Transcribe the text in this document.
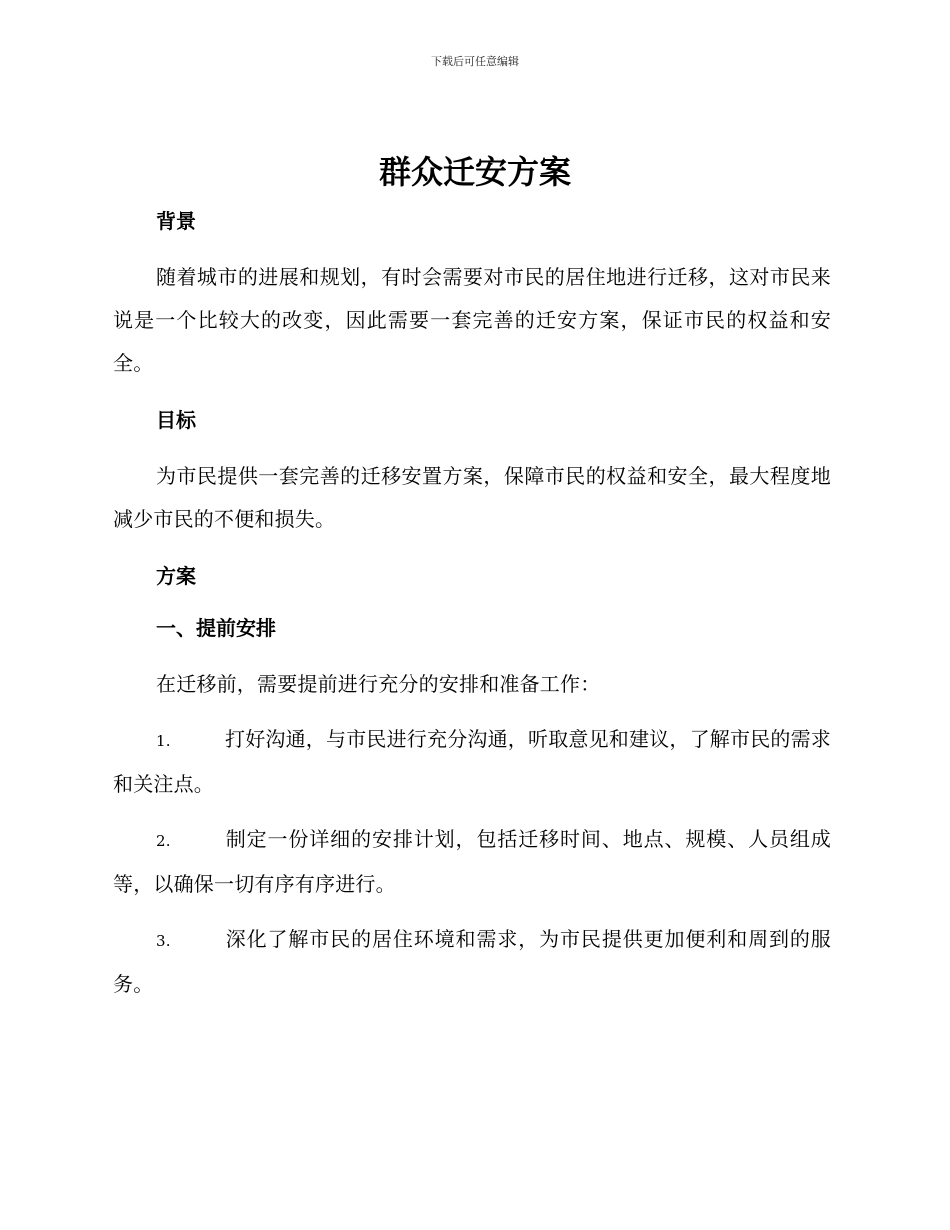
下载后可任意编辑
群众迁安方案
背景

随着城市的进展和规划，有时会需要对市民的居住地进行迁移，这对市民来说是一个比较大的改变，因此需要一套完善的迁安方案，保证市民的权益和安全。

目标

为市民提供一套完善的迁移安置方案，保障市民的权益和安全，最大程度地减少市民的不便和损失。

方案
一、提前安排

在迁移前，需要提前进行充分的安排和准备工作：

1.	打好沟通，与市民进行充分沟通，听取意见和建议，了解市民的需求和关注点。

2.	制定一份详细的安排计划，包括迁移时间、地点、规模、人员组成等，以确保一切有序有序进行。

3.	深化了解市民的居住环境和需求，为市民提供更加便利和周到的服务。
